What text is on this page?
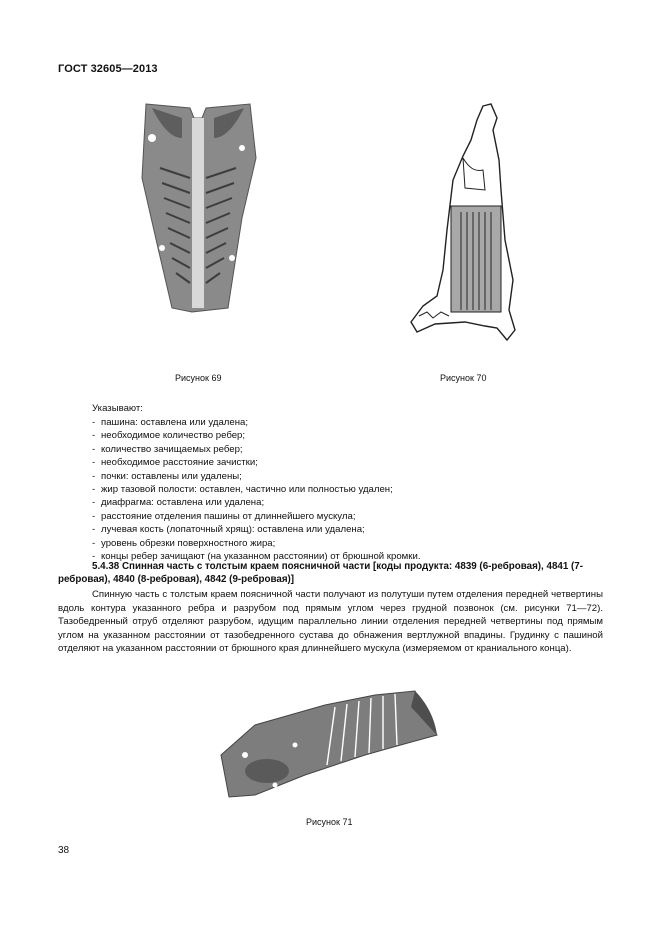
ГОСТ 32605—2013
Рисунок 69	Рисунок 70
Указывают:
- пашина: оставлена или удалена;
- необходимое количество ребер;
- количество зачищаемых ребер;
- необходимое расстояние зачистки;
- почки: оставлены или удалены;
- жир тазовой полости: оставлен, частично или полностью удален;
- диафрагма: оставлена или удалена;
- расстояние отделения пашины от длиннейшего мускула;
- лучевая кость (лопаточный хрящ): оставлена или удалена;
- уровень обрезки поверхностного жира;
- концы ребер зачищают (на указанном расстоянии) от брюшной кромки.
5.4.38 Спинная часть с толстым краем поясничной части [коды продукта: 4839 (6-ребровая), 4841 (7-ребровая), 4840 (8-ребровая), 4842 (9-ребровая)]
Спинную часть с толстым краем поясничной части получают из полутуши путем отделения передней четвертины вдоль контура указанного ребра и разрубом под прямым углом через грудной позвонок (см. рисунки 71—72). Тазобедренный отруб отделяют разрубом, идущим параллельно линии отделения передней четвертины под прямым углом на указанном расстоянии от тазобедренного сустава до обнажения вертлужной впадины. Грудинку с пашиной отделяют на указанном расстоянии от брюшного края длиннейшего мускула (измеряемом от краниального конца).
Рисунок 71
38
